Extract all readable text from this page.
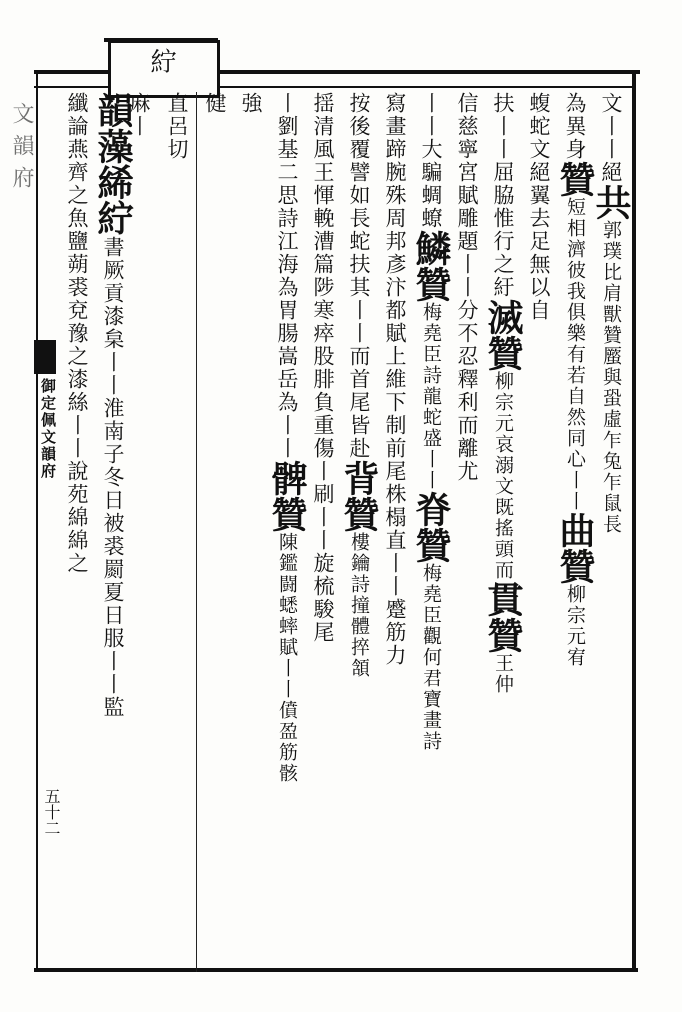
文韻府
御定佩文韻府
五十二
紵
直呂切
麻丨	文丨丨絕共郭璞比肩獸贊蟨與蛩虛乍兔乍鼠長
為異身贊短相濟彼我俱樂有若自然同心丨丨曲贊柳宗元宥
蝮蛇文絕翼去足無以自
扶丨丨屈脇惟行之紆滅贊柳宗元哀溺文既搖頭而貫贊王仲
信慈寧宮賦雕題丨丨分不忍釋利而離尤
丨丨大騙蜩蟟鱗贊梅堯臣詩龍蛇盛丨丨脊贊梅堯臣觀何君寶畫詩
寫畫蹄腕殊周邦彥汴都賦上維下制前尾株榻直丨丨蹙筋力
按後覆譬如長蛇扶其丨丨而首尾皆赴背贊樓鑰詩撞體捽頷
揺清風王惲輓漕篇陟寒瘁股腓負重傷丨刷丨丨旋梳駿尾
丨劉基二思詩江海為胃腸嵩岳為丨丨髀贊陳鑑闘蟋蟀賦丨丨僨盈筋骸
強
健
韻藻絺紵書厥貢漆枲丨丨淮南子冬日被裘罽夏日服丨丨監
纖論燕齊之魚鹽蒴裘兗豫之漆絲丨丨說苑綿綿之
